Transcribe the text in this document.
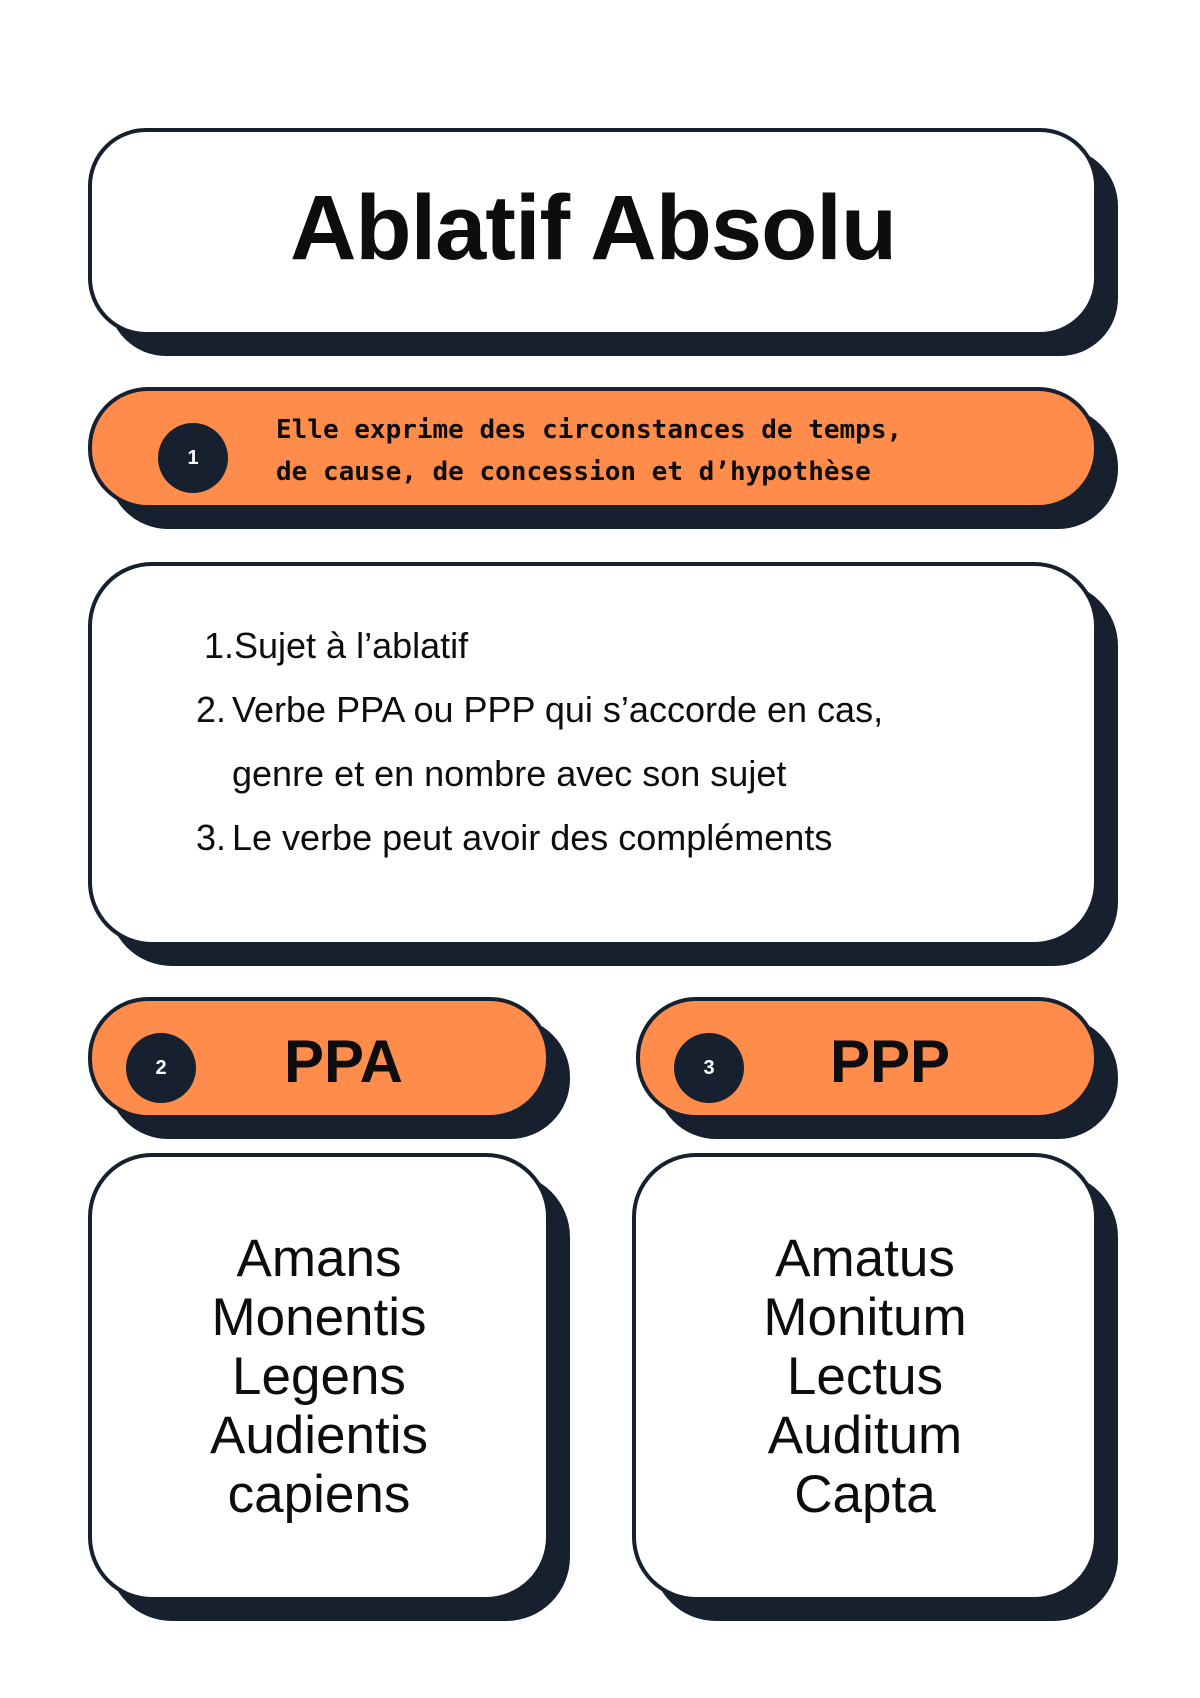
Ablatif Absolu
1
Elle exprime des circonstances de temps,
de cause, de concession et d’hypothèse
1. Sujet à l’ablatif
2. Verbe PPA ou PPP qui s’accorde en cas,
genre et en nombre avec son sujet
3. Le verbe peut avoir des compléments
2	PPA	3	PPP
Amans
Monentis
Legens
Audientis
capiens
Amatus
Monitum
Lectus
Auditum
Capta
